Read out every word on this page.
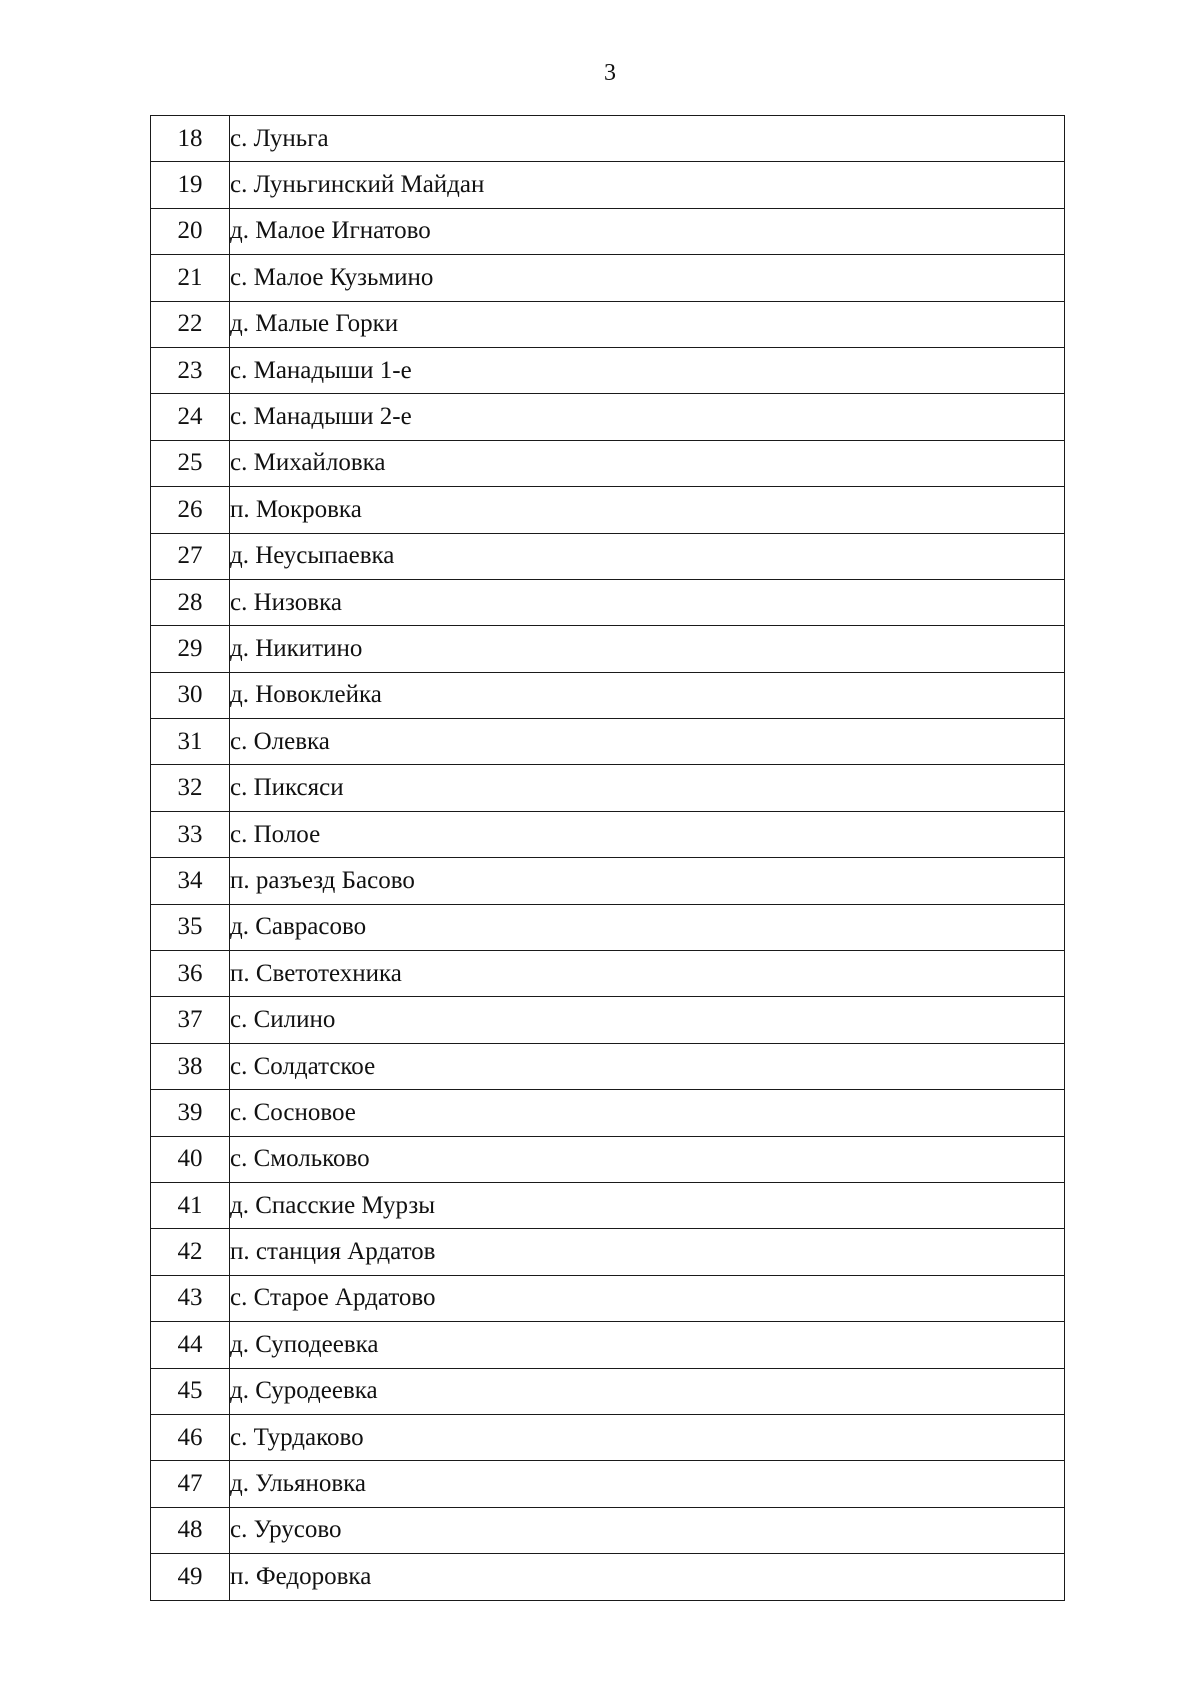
3
18	с. Луньга
19	с. Луньгинский Майдан
20	д. Малое Игнатово
21	с. Малое Кузьмино
22	д. Малые Горки
23	с. Манадыши 1-е
24	с. Манадыши 2-е
25	с. Михайловка
26	п. Мокровка
27	д. Неусыпаевка
28	с. Низовка
29	д. Никитино
30	д. Новоклейка
31	с. Олевка
32	с. Пиксяси
33	с. Полое
34	п. разъезд Басово
35	д. Саврасово
36	п. Светотехника
37	с. Силино
38	с. Солдатское
39	с. Сосновое
40	с. Смольково
41	д. Спасские Мурзы
42	п. станция Ардатов
43	с. Старое Ардатово
44	д. Суподеевка
45	д. Суродеевка
46	с. Турдаково
47	д. Ульяновка
48	с. Урусово
49	п. Федоровка
